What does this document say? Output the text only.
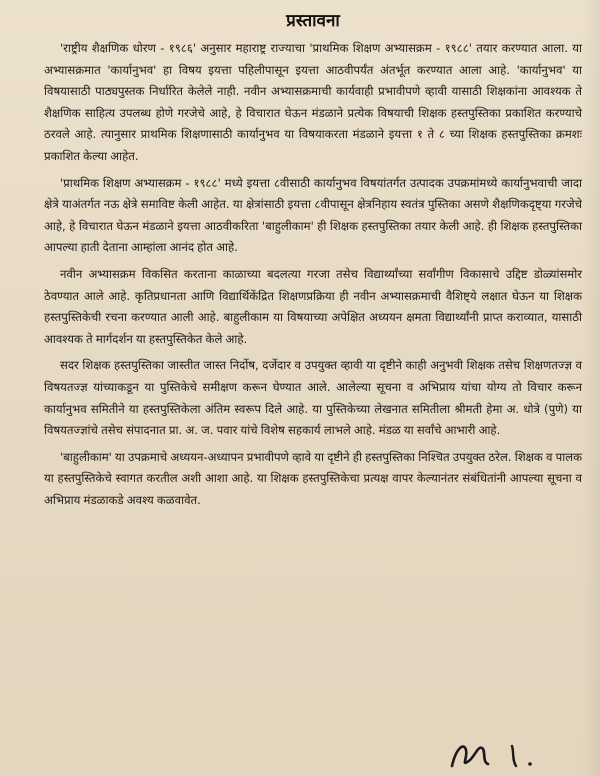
प्रस्तावना

'राष्ट्रीय शैक्षणिक धोरण - १९८६' अनुसार महाराष्ट्र राज्याचा 'प्राथमिक शिक्षण अभ्यासक्रम - १९८८' तयार करण्यात आला. या अभ्यासक्रमात 'कार्यानुभव' हा विषय इयत्ता पहिलीपासून इयत्ता आठवीपर्यंत अंतर्भूत करण्यात आला आहे. 'कार्यानुभव' या विषयासाठी पाठ्यपुस्तक निर्धारित केलेले नाही. नवीन अभ्यासक्रमाची कार्यवाही प्रभावीपणे व्हावी यासाठी शिक्षकांना आवश्यक ते शैक्षणिक साहित्य उपलब्ध होणे गरजेचे आहे, हे विचारात घेऊन मंडळाने प्रत्येक विषयाची शिक्षक हस्तपुस्तिका प्रकाशित करण्याचे ठरवले आहे. त्यानुसार प्राथमिक शिक्षणासाठी कार्यानुभव या विषयाकरता मंडळाने इयत्ता १ ते ८ च्या शिक्षक हस्तपुस्तिका क्रमशः प्रकाशित केल्या आहेत.

'प्राथमिक शिक्षण अभ्यासक्रम - १९८८' मध्ये इयत्ता ८वीसाठी कार्यानुभव विषयांतर्गत उत्पादक उपक्रमांमध्ये कार्यानुभवाची जादा क्षेत्रे याअंतर्गत नऊ क्षेत्रे समाविष्ट केली आहेत. या क्षेत्रांसाठी इयत्ता ८वीपासून क्षेत्रनिहाय स्वतंत्र पुस्तिका असणे शैक्षणिकदृष्ट्या गरजेचे आहे, हे विचारात घेऊन मंडळाने इयत्ता आठवीकरिता 'बाहुलीकाम' ही शिक्षक हस्तपुस्तिका तयार केली आहे. ही शिक्षक हस्तपुस्तिका आपल्या हाती देताना आम्हांला आनंद होत आहे.

नवीन अभ्यासक्रम विकसित करताना काळाच्या बदलत्या गरजा तसेच विद्यार्थ्यांच्या सर्वांगीण विकासाचे उद्दिष्ट डोळ्यांसमोर ठेवण्यात आले आहे. कृतिप्रधानता आणि विद्यार्थिकेंद्रित शिक्षणप्रक्रिया ही नवीन अभ्यासक्रमाची वैशिष्ट्ये लक्षात घेऊन या शिक्षक हस्तपुस्तिकेची रचना करण्यात आली आहे. बाहुलीकाम या विषयाच्या अपेक्षित अध्ययन क्षमता विद्यार्थ्यांनी प्राप्त कराव्यात, यासाठी आवश्यक ते मार्गदर्शन या हस्तपुस्तिकेत केले आहे.

सदर शिक्षक हस्तपुस्तिका जास्तीत जास्त निर्दोष, दर्जेदार व उपयुक्त व्हावी या दृष्टीने काही अनुभवी शिक्षक तसेच शिक्षणतज्ज्ञ व विषयतज्ज्ञ यांच्याकडून या पुस्तिकेचे समीक्षण करून घेण्यात आले. आलेल्या सूचना व अभिप्राय यांचा योग्य तो विचार करून कार्यानुभव समितीने या हस्तपुस्तिकेला अंतिम स्वरूप दिले आहे. या पुस्तिकेच्या लेखनात समितीला श्रीमती हेमा अ. धोत्रे (पुणे) या विषयतज्ज्ञांचे तसेच संपादनात प्रा. अ. ज. पवार यांचे विशेष सहकार्य लाभले आहे. मंडळ या सर्वांचे आभारी आहे.

'बाहुलीकाम' या उपक्रमाचे अध्ययन-अध्यापन प्रभावीपणे व्हावे या दृष्टीने ही हस्तपुस्तिका निश्चित उपयुक्त ठरेल. शिक्षक व पालक या हस्तपुस्तिकेचे स्वागत करतील अशी आशा आहे. या शिक्षक हस्तपुस्तिकेचा प्रत्यक्ष वापर केल्यानंतर संबंधितांनी आपल्या सूचना व अभिप्राय मंडळाकडे अवश्य कळवावेत.
